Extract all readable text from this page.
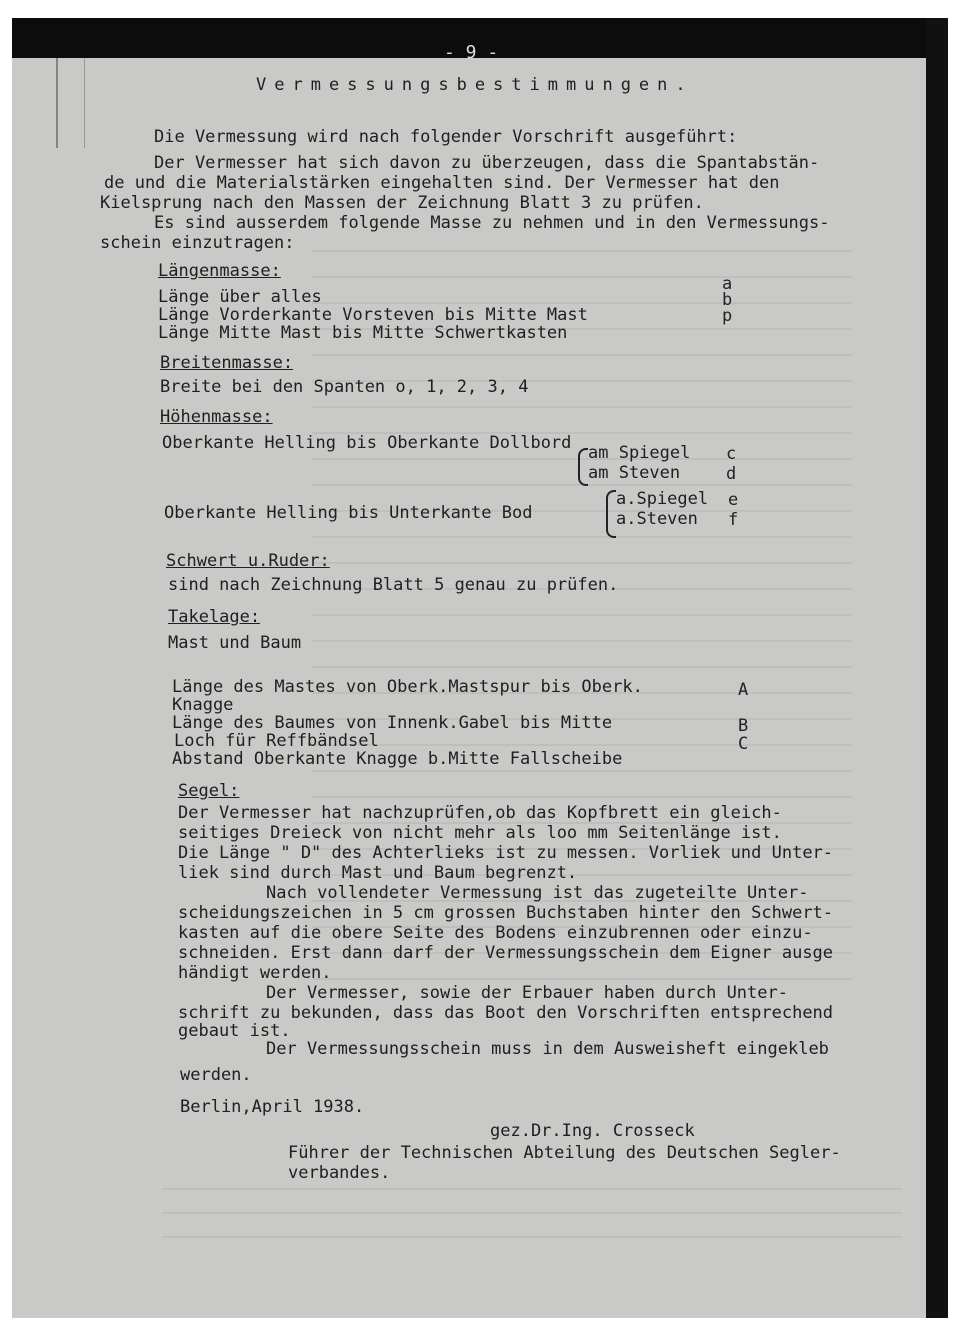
- 9 -
Vermessungsbestimmungen.
Die Vermessung wird nach folgender Vorschrift ausgeführt:
Der Vermesser hat sich davon zu überzeugen, dass die Spantabstän-
de und die Materialstärken eingehalten sind. Der Vermesser hat den
Kielsprung nach den Massen der Zeichnung Blatt 3 zu prüfen.
Es sind ausserdem folgende Masse zu nehmen und in den Vermessungs-
schein einzutragen:
Längenmasse:
Länge über alles
Länge Vorderkante Vorsteven bis Mitte Mast
Länge Mitte Mast bis Mitte Schwertkasten
a
b
p
Breitenmasse:
Breite bei den Spanten o, 1, 2, 3, 4
Höhenmasse:
Oberkante Helling bis Oberkante Dollbord am Spiegel
am Steven
c
d
Oberkante Helling bis Unterkante Bod
a.Spiegel
a.Steven
e
f
Schwert u.Ruder:
sind nach Zeichnung Blatt 5 genau zu prüfen.
Takelage:
Mast und Baum
Länge des Mastes von Oberk.Mastspur bis Oberk.
Knagge
Länge des Baumes von Innenk.Gabel bis Mitte
Loch für Reffbändsel
Abstand Oberkante Knagge b.Mitte Fallscheibe
A
B
C
Segel:
Der Vermesser hat nachzuprüfen,ob das Kopfbrett ein gleich-
seitiges Dreieck von nicht mehr als loo mm Seitenlänge ist.
Die Länge " D" des Achterlieks ist zu messen. Vorliek und Unter-
liek sind durch Mast und Baum begrenzt.
Nach vollendeter Vermessung ist das zugeteilte Unter-
scheidungszeichen in 5 cm grossen Buchstaben hinter den Schwert-
kasten auf die obere Seite des Bodens einzubrennen oder einzu-
schneiden. Erst dann darf der Vermessungsschein dem Eigner ausge
händigt werden.
Der Vermesser, sowie der Erbauer haben durch Unter-
schrift zu bekunden, dass das Boot den Vorschriften entsprechend
gebaut ist.
Der Vermessungsschein muss in dem Ausweisheft eingekleb
werden.
Berlin,April 1938.
gez.Dr.Ing. Crosseck
Führer der Technischen Abteilung des Deutschen Segler-
verbandes.
